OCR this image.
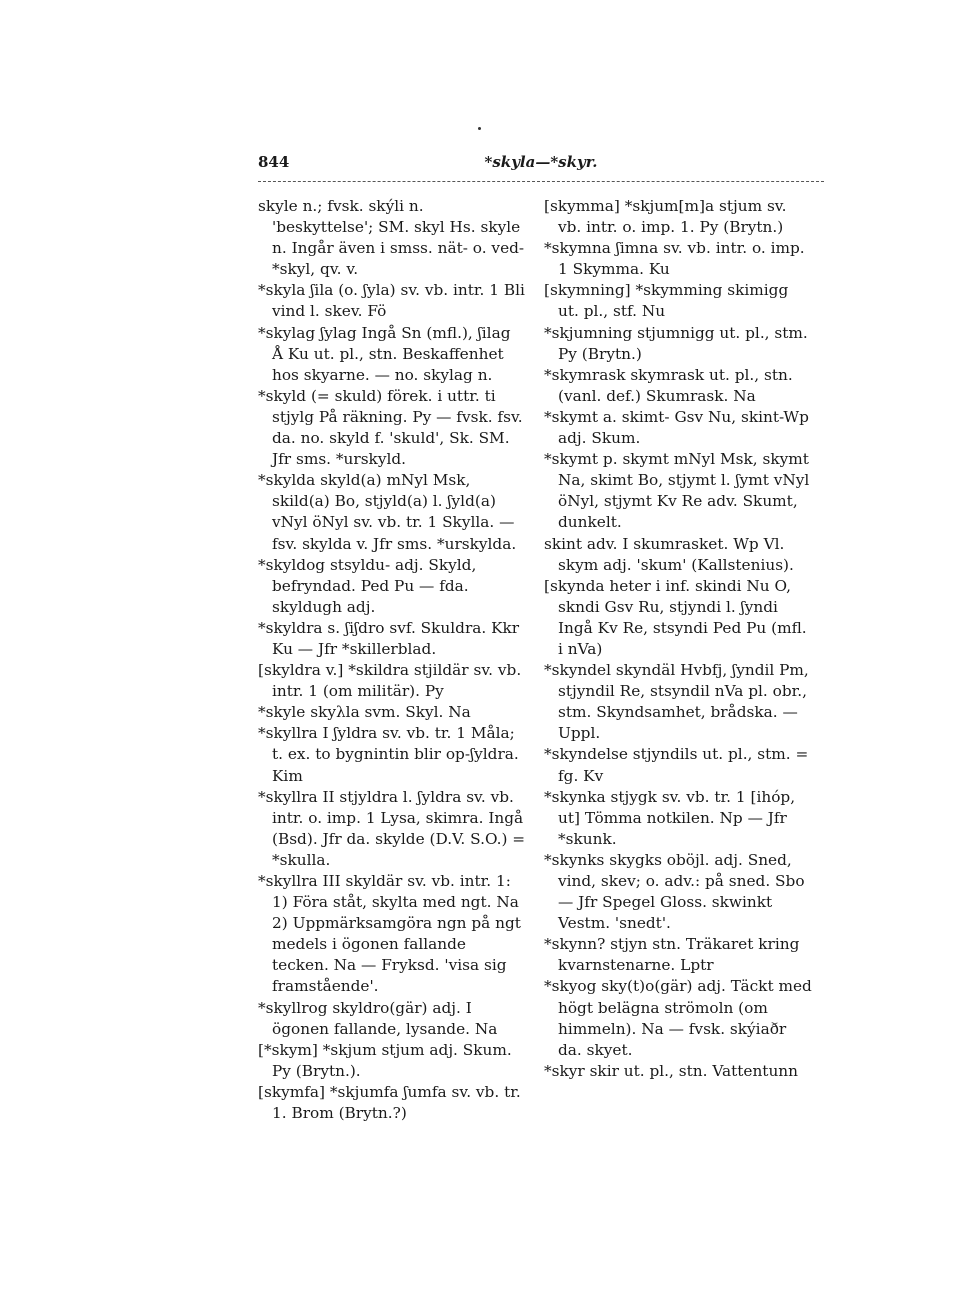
844	*skyla—*skyr.

skyle n.; fvsk. skýli n. 'beskyttelse'; SM. skyl Hs. skyle n. Ingår även i smss. nät- o. ved-*skyl, qv. v.

*skyla ʃila (o. ʃyla) sv. vb. intr. 1 Bli vind l. skev. Fö

*skylag ʃylag Ingå Sn (mfl.), ʃilag Å Ku ut. pl., stn. Beskaffenhet hos skyarne. — no. skylag n.

*skyld (= skuld) förek. i uttr. ti stjylg På räkning. Py — fvsk. fsv. da. no. skyld f. 'skuld', Sk. SM. Jfr sms. *urskyld.

*skylda skyld(a) mNyl Msk, skild(a) Bo, stjyld(a) l. ʃyld(a) vNyl öNyl sv. vb. tr. 1 Skylla. — fsv. skylda v. Jfr sms. *urskylda.

*skyldog stsyldu- adj. Skyld, befryndad. Ped Pu — fda. skyldugh adj.

*skyldra s. ʃiʃdro svf. Skuldra. Kkr Ku — Jfr *skillerblad.

[skyldra v.] *skildra stjildär sv. vb. intr. 1 (om militär). Py

*skyle skyλla svm. Skyl. Na

*skyllra I ʃyldra sv. vb. tr. 1 Måla; t. ex. to bygnintin blir op-ʃyldra. Kim

*skyllra II stjyldra l. ʃyldra sv. vb. intr. o. imp. 1 Lysa, skimra. Ingå (Bsd). Jfr da. skylde (D.V. S.O.) = *skulla.

*skyllra III skyldär sv. vb. intr. 1: 1) Föra ståt, skylta med ngt. Na 2) Uppmärksamgöra ngn på ngt medels i ögonen fallande tecken. Na — Fryksd. 'visa sig framstående'.

*skyllrog skyldro(gär) adj. I ögonen fallande, lysande. Na

[*skym] *skjum stjum adj. Skum. Py (Brytn.).

[skymfa] *skjumfa ʃumfa sv. vb. tr. 1. Brom (Brytn.?)

[skymma] *skjum[m]a stjum sv. vb. intr. o. imp. 1. Py (Brytn.)

*skymna ʃimna sv. vb. intr. o. imp. 1 Skymma. Ku

[skymning] *skymming skimigg ut. pl., stf. Nu

*skjumning stjumnigg ut. pl., stm. Py (Brytn.)

*skymrask skymrask ut. pl., stn. (vanl. def.) Skumrask. Na

*skymt a. skimt- Gsv Nu, skint-Wp adj. Skum.

*skymt p. skymt mNyl Msk, skymt Na, skimt Bo, stjymt l. ʃymt vNyl öNyl, stjymt Kv Re adv. Skumt, dunkelt.

skint adv. I skumrasket. Wp Vl. skym adj. 'skum' (Kallstenius).

[skynda heter i inf. skindi Nu O, skndi Gsv Ru, stjyndi l. ʃyndi Ingå Kv Re, stsyndi Ped Pu (mfl. i nVa)

*skyndel skyndäl Hvbfj, ʃyndil Pm, stjyndil Re, stsyndil nVa pl. obr., stm. Skyndsamhet, brådska. — Uppl.

*skyndelse stjyndils ut. pl., stm. = fg. Kv

*skynka stjygk sv. vb. tr. 1 [ihóp, ut] Tömma notkilen. Np — Jfr *skunk.

*skynks skygks oböjl. adj. Sned, vind, skev; o. adv.: på sned. Sbo — Jfr Spegel Gloss. skwinkt Vestm. 'snedt'.

*skynn? stjyn stn. Träkaret kring kvarnstenarne. Lptr

*skyog sky(t)o(gär) adj. Täckt med högt belägna strömoln (om himmeln). Na — fvsk. skýiaðr da. skyet.

*skyr skir ut. pl., stn. Vattentunn
